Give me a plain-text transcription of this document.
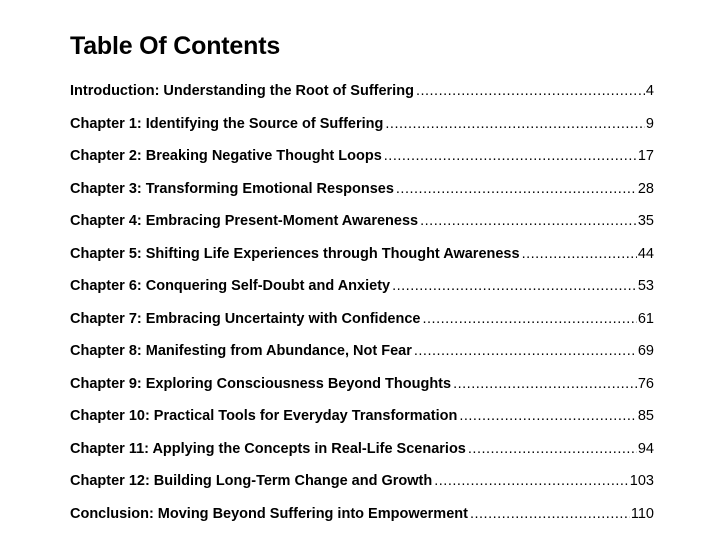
Table Of Contents
Introduction: Understanding the Root of Suffering .....	4
Chapter 1: Identifying the Source of Suffering .....	9
Chapter 2: Breaking Negative Thought Loops .....	17
Chapter 3: Transforming Emotional Responses .....	28
Chapter 4: Embracing Present-Moment Awareness .....	35
Chapter 5: Shifting Life Experiences through Thought Awareness .....	44
Chapter 6: Conquering Self-Doubt and Anxiety .....	53
Chapter 7: Embracing Uncertainty with Confidence .....	61
Chapter 8: Manifesting from Abundance, Not Fear .....	69
Chapter 9: Exploring Consciousness Beyond Thoughts .....	76
Chapter 10: Practical Tools for Everyday Transformation .....	85
Chapter 11: Applying the Concepts in Real-Life Scenarios .....	94
Chapter 12: Building Long-Term Change and Growth .....	103
Conclusion: Moving Beyond Suffering into Empowerment .....	110
